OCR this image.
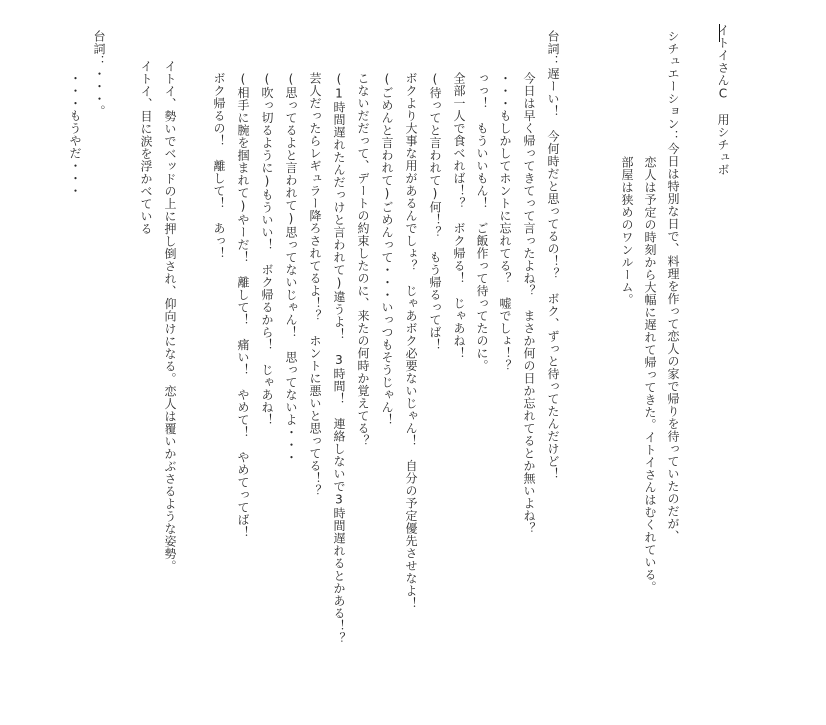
イトイさんC　用シチュボ
シチュエーション：今日は特別な日で、料理を作って恋人の家で帰りを待っていたのだが、
恋人は予定の時刻から大幅に遅れて帰ってきた。イトイさんはむくれている。
部屋は狭めのワンルーム。
台詞：遅ーい！　今何時だと思ってるの！？　ボク、ずっと待ってたんだけど！
今日は早く帰ってきてって言ったよね？　まさか何の日か忘れてるとか無いよね？
・・・もしかしてホントに忘れてる？　嘘でしょ！？
っっ！　もういいもん！　ご飯作って待ってたのに。
全部一人で食べれば！？　ボク帰る！　じゃあね！
(待ってと言われて)何！？　もう帰るってば！
ボクより大事な用があるんでしょ？　じゃあボク必要ないじゃん！　自分の予定優先させなよ！
(ごめんと言われて)ごめんって・・・いっつもそうじゃん！
こないだだって、デートの約束したのに、来たの何時か覚えてる？
(1時間遅れたんだっけと言われて)違うよ！　3時間！　連絡しないで3時間遅れるとかある！？
芸人だったらレギュラー降ろされてるよ！？　ホントに悪いと思ってる！？
(思ってるよと言われて)思ってないじゃん！　思ってないよ・・・
(吹っ切るように)もういい！　ボク帰るから！　じゃあね！
(相手に腕を掴まれて)やーだ！　離して！　痛い！　やめて！　やめてってば！
ボク帰るの！　離して！　あっ！
イトイ、勢いでベッドの上に押し倒され、仰向けになる。恋人は覆いかぶさるような姿勢。
イトイ、目に涙を浮かべている
台詞：・・・。
・・・もうやだ・・・
